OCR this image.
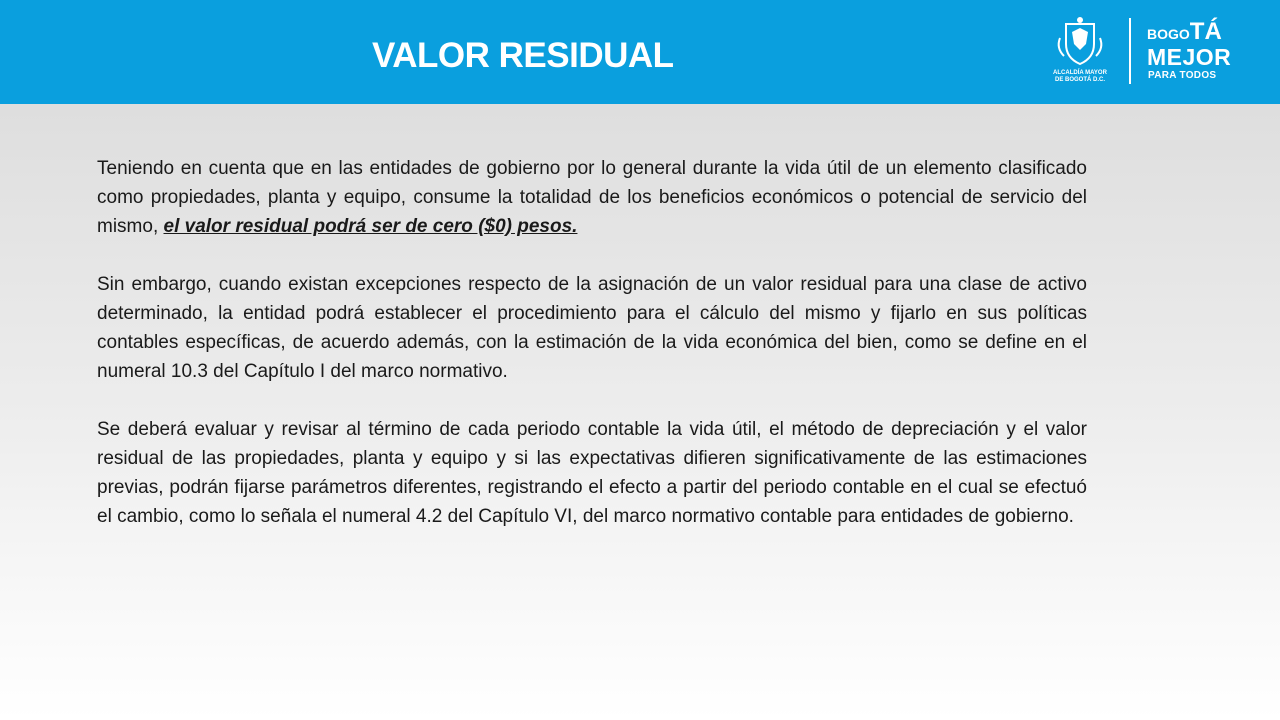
VALOR RESIDUAL	ALCALDÍA MAYOR
DE BOGOTÁ D.C.
BOGOTÁ
MEJOR
PARA TODOS

Teniendo en cuenta que en las entidades de gobierno por lo general durante la vida útil de un elemento clasificado como propiedades, planta y equipo, consume la totalidad de los beneficios económicos o potencial de servicio del mismo, el valor residual podrá ser de cero ($0) pesos.

Sin embargo, cuando existan excepciones respecto de la asignación de un valor residual para una clase de activo determinado, la entidad podrá establecer el procedimiento para el cálculo del mismo y fijarlo en sus políticas contables específicas, de acuerdo además, con la estimación de la vida económica del bien, como se define en el numeral 10.3 del Capítulo I del marco normativo.

Se deberá evaluar y revisar al término de cada periodo contable la vida útil, el método de depreciación y el valor residual de las propiedades, planta y equipo y si las expectativas difieren significativamente de las estimaciones previas, podrán fijarse parámetros diferentes, registrando el efecto a partir del periodo contable en el cual se efectuó el cambio, como lo señala el numeral 4.2 del Capítulo VI, del marco normativo contable para entidades de gobierno.
